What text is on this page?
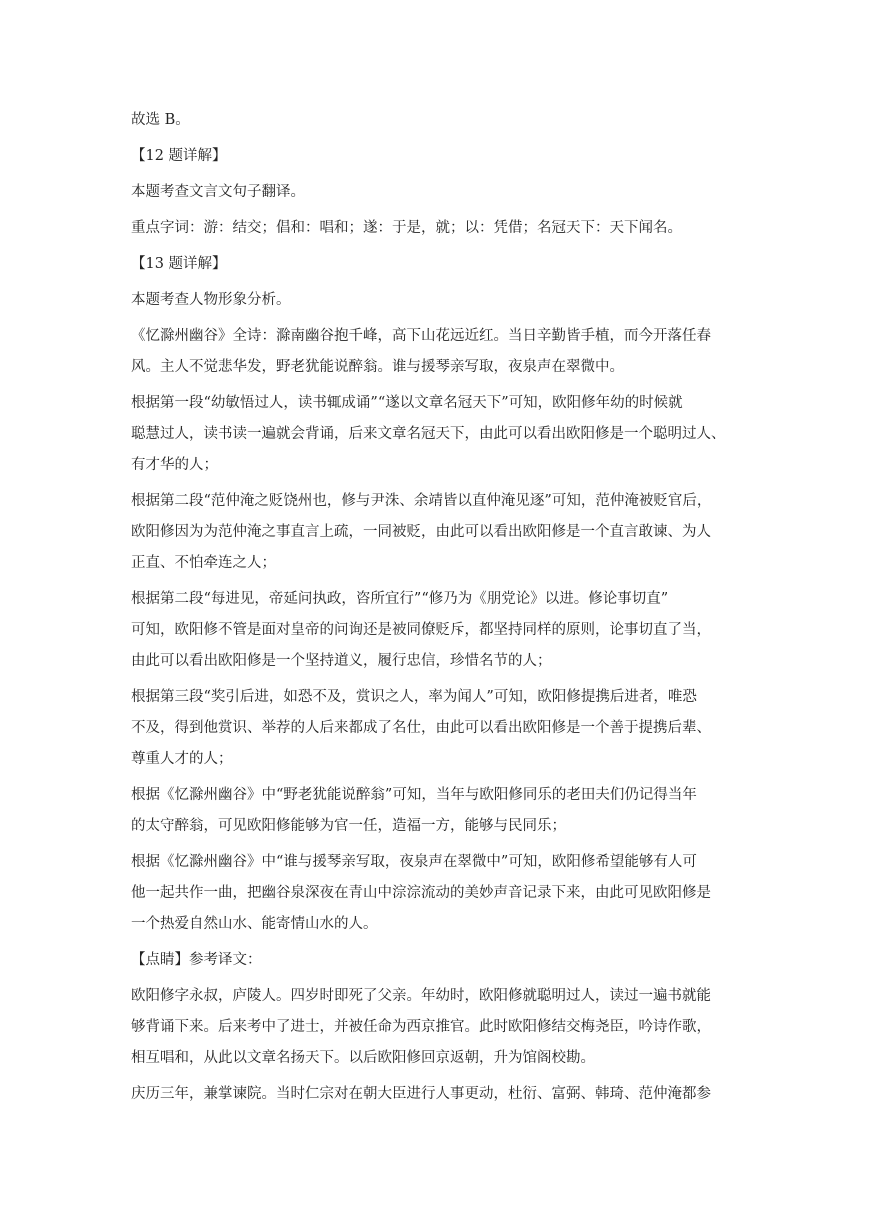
故选 B。
【12 题详解】
本题考查文言文句子翻译。
重点字词：游：结交；倡和：唱和；遂：于是，就；以：凭借；名冠天下：天下闻名。
【13 题详解】
本题考查人物形象分析。
《忆滁州幽谷》全诗：滁南幽谷抱千峰，高下山花远近红。当日辛勤皆手植，而今开落任春
风。主人不觉悲华发，野老犹能说醉翁。谁与援琴亲写取，夜泉声在翠微中。
根据第一段“幼敏悟过人，读书辄成诵”“遂以文章名冠天下”可知，欧阳修年幼的时候就
聪慧过人，读书读一遍就会背诵，后来文章名冠天下，由此可以看出欧阳修是一个聪明过人、
有才华的人；
根据第二段“范仲淹之贬饶州也，修与尹洙、余靖皆以直仲淹见逐”可知，范仲淹被贬官后，
欧阳修因为为范仲淹之事直言上疏，一同被贬，由此可以看出欧阳修是一个直言敢谏、为人
正直、不怕牵连之人；
根据第二段“每进见，帝延问执政，咨所宜行”“修乃为《朋党论》以进。修论事切直”
可知，欧阳修不管是面对皇帝的问询还是被同僚贬斥，都坚持同样的原则，论事切直了当，
由此可以看出欧阳修是一个坚持道义，履行忠信，珍惜名节的人；
根据第三段“奖引后进，如恐不及，赏识之人，率为闻人”可知，欧阳修提携后进者，唯恐
不及，得到他赏识、举荐的人后来都成了名仕，由此可以看出欧阳修是一个善于提携后辈、
尊重人才的人；
根据《忆滁州幽谷》中“野老犹能说醉翁”可知，当年与欧阳修同乐的老田夫们仍记得当年
的太守醉翁，可见欧阳修能够为官一任，造福一方，能够与民同乐；
根据《忆滁州幽谷》中“谁与援琴亲写取，夜泉声在翠微中”可知，欧阳修希望能够有人可
他一起共作一曲，把幽谷泉深夜在青山中淙淙流动的美妙声音记录下来，由此可见欧阳修是
一个热爱自然山水、能寄情山水的人。
【点睛】参考译文：
欧阳修字永叔，庐陵人。四岁时即死了父亲。年幼时，欧阳修就聪明过人，读过一遍书就能
够背诵下来。后来考中了进士，并被任命为西京推官。此时欧阳修结交梅尧臣，吟诗作歌，
相互唱和，从此以文章名扬天下。以后欧阳修回京返朝，升为馆阁校勘。
庆历三年，兼掌谏院。当时仁宗对在朝大臣进行人事更动，杜衍、富弼、韩琦、范仲淹都参
